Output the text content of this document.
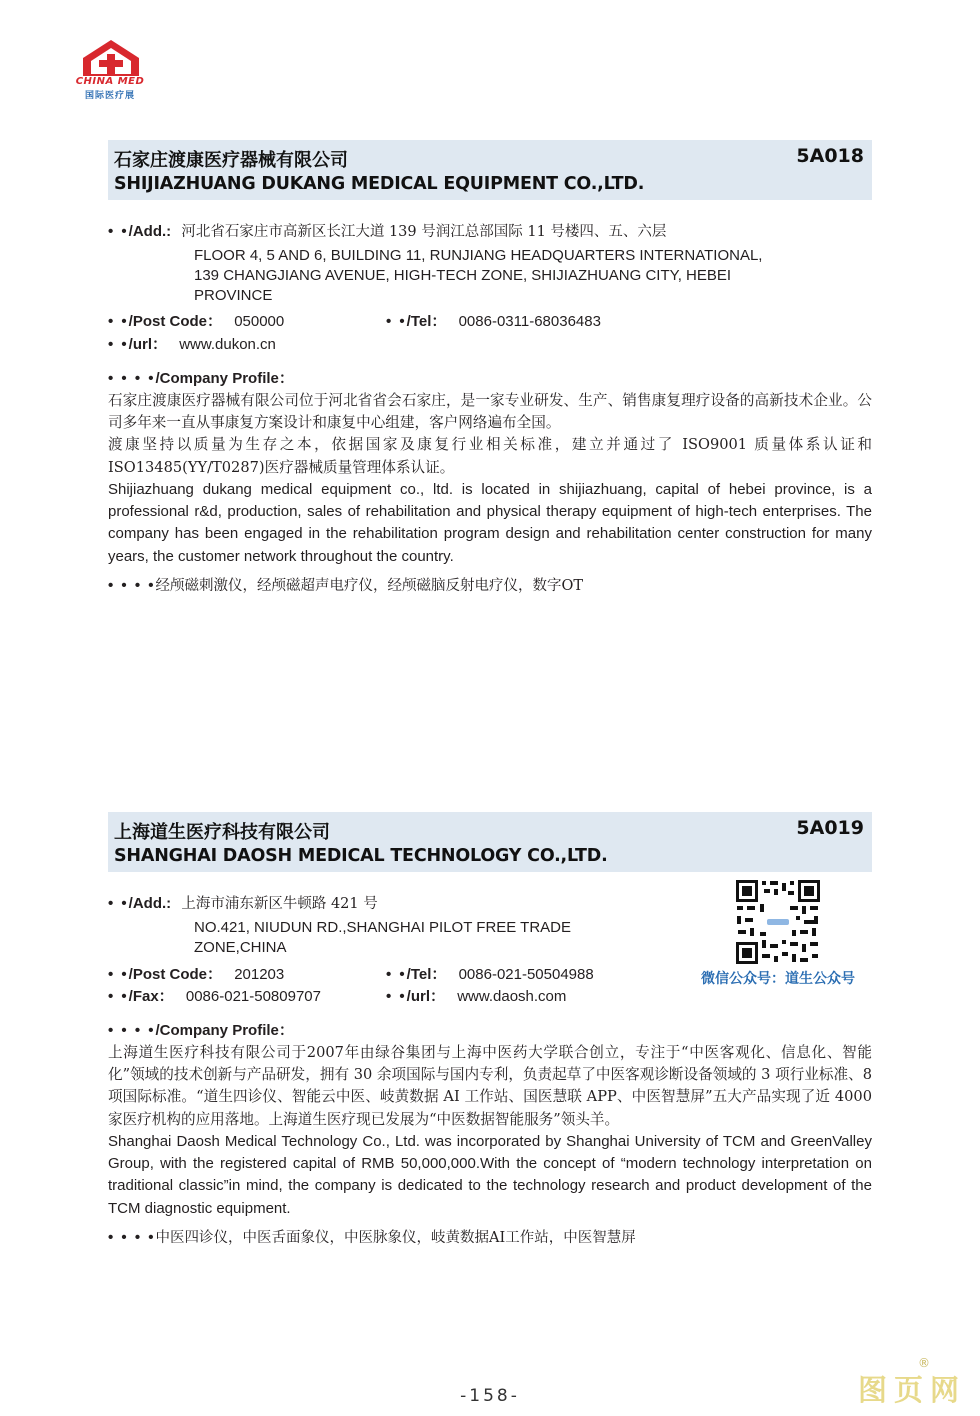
CHINA MED
国际医疗展
石家庄渡康医疗器械有限公司
SHIJIAZHUANG DUKANG MEDICAL EQUIPMENT CO.,LTD.
5A018
• •/Add.: 河北省石家庄市高新区长江大道 139 号润江总部国际 11 号楼四、五、六层
FLOOR 4, 5 AND 6, BUILDING 11, RUNJIANG HEADQUARTERS INTERNATIONAL,
139 CHANGJIANG AVENUE, HIGH-TECH ZONE, SHIJIAZHUANG CITY, HEBEI
PROVINCE
• •/Post Code： 050000	• •/Tel： 0086-0311-68036483
• •/url： www.dukon.cn
• • • •/Company Profile：

石家庄渡康医疗器械有限公司位于河北省省会石家庄，是一家专业研发、生产、销售康复理疗设备的高新技术企业。公司多年来一直从事康复方案设计和康复中心组建，客户网络遍布全国。

渡康坚持以质量为生存之本，依据国家及康复行业相关标准，建立并通过了 ISO9001 质量体系认证和 ISO13485(YY/T0287)医疗器械质量管理体系认证。

Shijiazhuang dukang medical equipment co., ltd. is located in shijiazhuang, capital of hebei province, is a professional r&d, production, sales of rehabilitation and physical therapy equipment of high-tech enterprises. The company has been engaged in the rehabilitation program design and rehabilitation center construction for many years, the customer network throughout the country.

• • • •经颅磁刺激仪，经颅磁超声电疗仪，经颅磁脑反射电疗仪，数字OT
上海道生医疗科技有限公司
SHANGHAI DAOSH MEDICAL TECHNOLOGY CO.,LTD.
5A019
• •/Add.: 上海市浦东新区牛顿路 421 号
NO.421, NIUDUN RD.,SHANGHAI PILOT FREE TRADE
ZONE,CHINA
• •/Post Code： 201203	• •/Tel： 0086-021-50504988
• •/Fax： 0086-021-50809707	• •/url： www.daosh.com
微信公众号：道生公众号
• • • •/Company Profile：

上海道生医疗科技有限公司于2007年由绿谷集团与上海中医药大学联合创立，专注于“中医客观化、信息化、智能化”领域的技术创新与产品研发，拥有 30 余项国际与国内专利，负责起草了中医客观诊断设备领域的 3 项行业标准、8 项国际标准。“道生四诊仪、智能云中医、岐黄数据 AI 工作站、国医慧联 APP、中医智慧屏”五大产品实现了近 4000 家医疗机构的应用落地。上海道生医疗现已发展为“中医数据智能服务”领头羊。

Shanghai Daosh Medical Technology Co., Ltd. was incorporated by Shanghai University of TCM and GreenValley Group, with the registered capital of RMB 50,000,000.With the concept of “modern technology interpretation on traditional classic”in mind, the company is dedicated to the technology research and product development of the TCM diagnostic equipment.

• • • •中医四诊仪，中医舌面象仪，中医脉象仪，岐黄数据AI工作站，中医智慧屏
-158-	图页网
®
